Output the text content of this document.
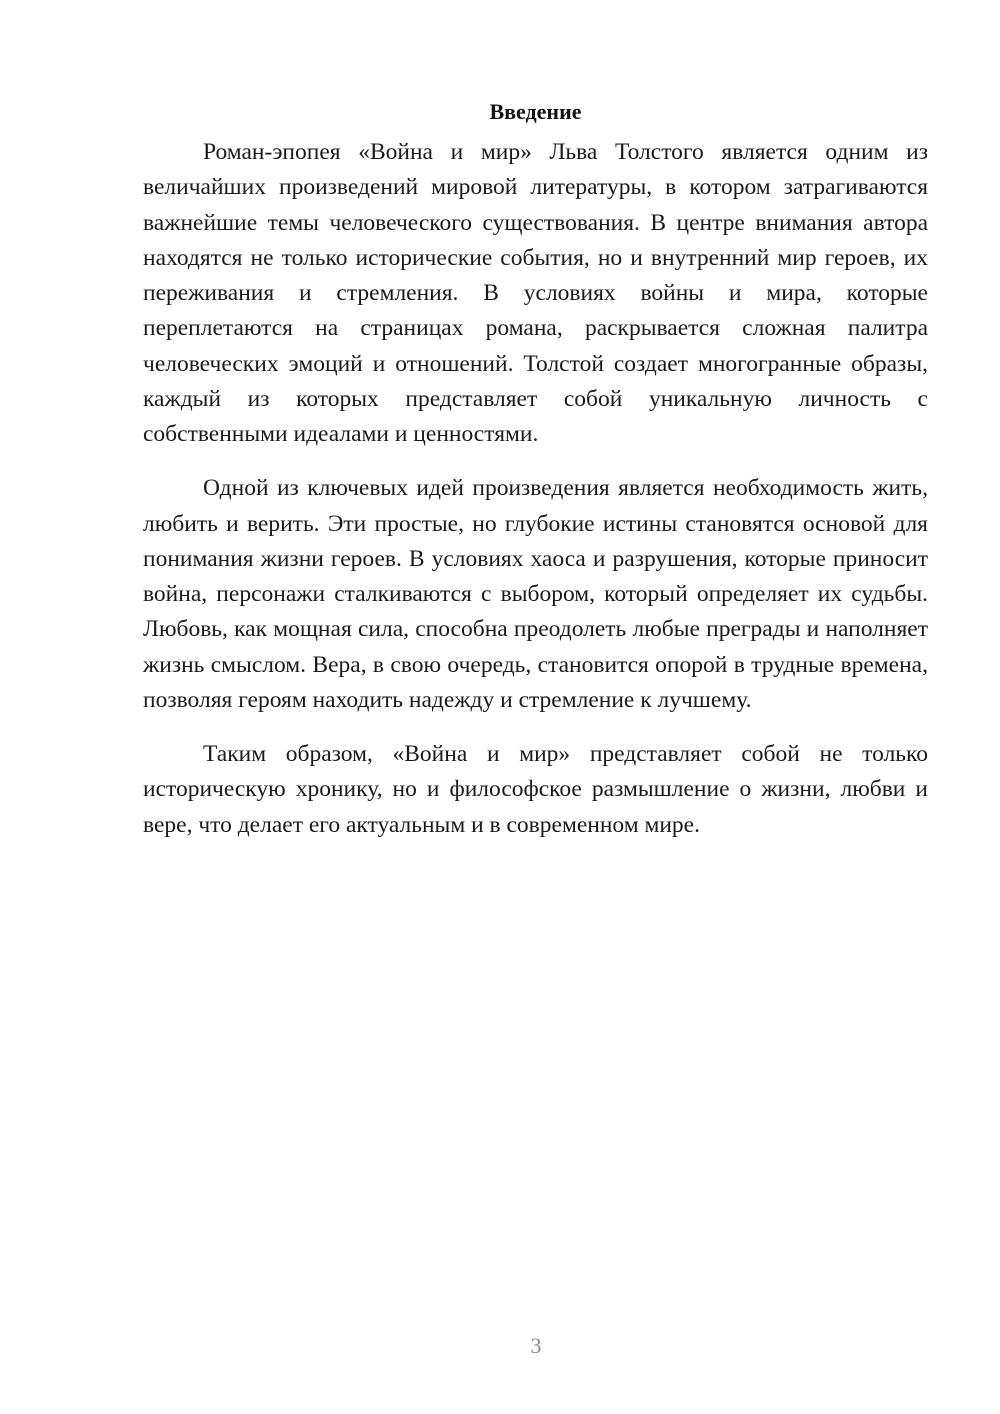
Введение

Роман-эпопея «Война и мир» Льва Толстого является одним из величайших произведений мировой литературы, в котором затрагиваются важнейшие темы человеческого существования. В центре внимания автора находятся не только исторические события, но и внутренний мир героев, их переживания и стремления. В условиях войны и мира, которые переплетаются на страницах романа, раскрывается сложная палитра человеческих эмоций и отношений. Толстой создает многогранные образы, каждый из которых представляет собой уникальную личность с собственными идеалами и ценностями.

Одной из ключевых идей произведения является необходимость жить, любить и верить. Эти простые, но глубокие истины становятся основой для понимания жизни героев. В условиях хаоса и разрушения, которые приносит война, персонажи сталкиваются с выбором, который определяет их судьбы. Любовь, как мощная сила, способна преодолеть любые преграды и наполняет жизнь смыслом. Вера, в свою очередь, становится опорой в трудные времена, позволяя героям находить надежду и стремление к лучшему.

Таким образом, «Война и мир» представляет собой не только историческую хронику, но и философское размышление о жизни, любви и вере, что делает его актуальным и в современном мире.

3
